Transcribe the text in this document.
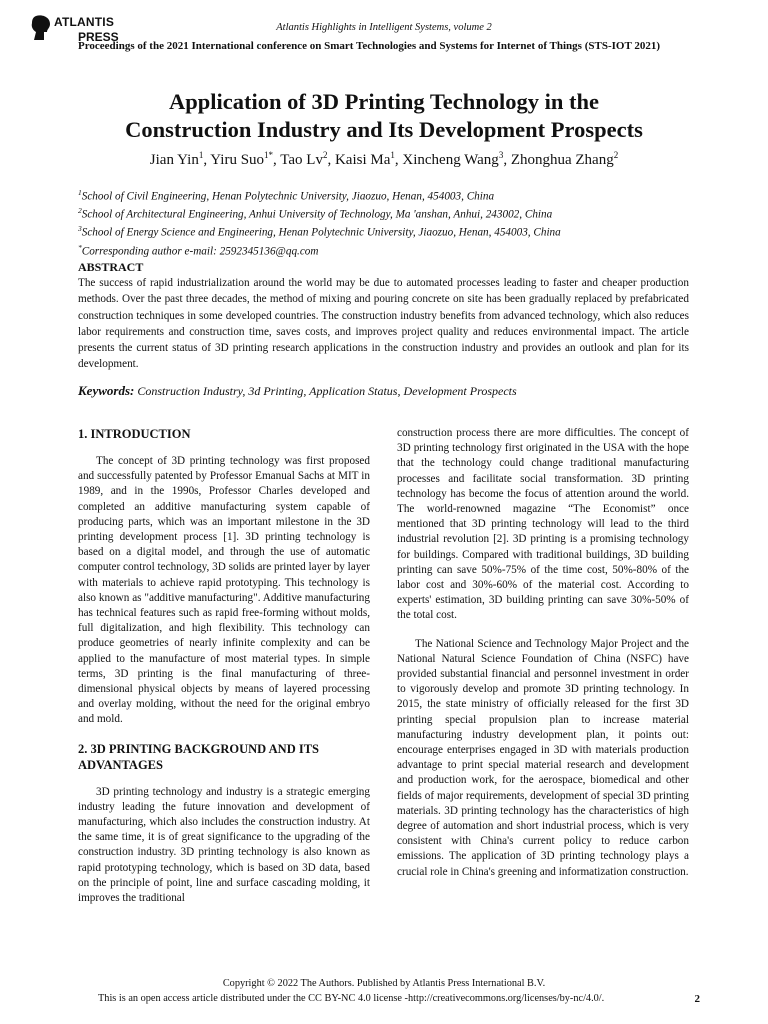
ATLANTIS
PRESS
Atlantis Highlights in Intelligent Systems, volume 2
Proceedings of the 2021 International conference on Smart Technologies and Systems for Internet of Things (STS-IOT 2021)
Application of 3D Printing Technology in the
Construction Industry and Its Development Prospects
Jian Yin$^1$, Yiru Suo$^{1*}$, Tao Lv$^2$, Kaisi Ma$^1$, Xincheng Wang$^3$, Zhonghua Zhang$^2$
$^1$School of Civil Engineering, Henan Polytechnic University, Jiaozuo, Henan, 454003, China
$^2$School of Architectural Engineering, Anhui University of Technology, Ma 'anshan, Anhui, 243002, China
$^3$School of Energy Science and Engineering, Henan Polytechnic University, Jiaozuo, Henan, 454003, China
*Corresponding author e-mail: 2592345136@qq.com
ABSTRACT

The success of rapid industrialization around the world may be due to automated processes leading to faster and cheaper production methods. Over the past three decades, the method of mixing and pouring concrete on site has been gradually replaced by prefabricated construction techniques in some developed countries. The construction industry benefits from advanced technology, which also reduces labor requirements and construction time, saves costs, and improves project quality and reduces environmental impact. The article presents the current status of 3D printing research applications in the construction industry and provides an outlook and plan for its development.

Keywords: Construction Industry, 3d Printing, Application Status, Development Prospects
1. INTRODUCTION

The concept of 3D printing technology was first proposed and successfully patented by Professor Emanual Sachs at MIT in 1989, and in the 1990s, Professor Charles developed and completed an additive manufacturing system capable of producing parts, which was an important milestone in the 3D printing development process [1]. 3D printing technology is based on a digital model, and through the use of automatic computer control technology, 3D solids are printed layer by layer with materials to achieve rapid prototyping. This technology is also known as "additive manufacturing". Additive manufacturing has technical features such as rapid free-forming without molds, full digitalization, and high flexibility. This technology can produce geometries of nearly infinite complexity and can be applied to the manufacture of most material types. In simple terms, 3D printing is the final manufacturing of three-dimensional physical objects by means of layered processing and overlay molding, without the need for the original embryo and mold.

2. 3D PRINTING BACKGROUND AND ITS ADVANTAGES

3D printing technology and industry is a strategic emerging industry leading the future innovation and development of manufacturing, which also includes the construction industry. At the same time, it is of great significance to the upgrading of the construction industry. 3D printing technology is also known as rapid prototyping technology, which is based on 3D data, based on the principle of point, line and surface cascading molding, it improves the traditional

construction process there are more difficulties. The concept of 3D printing technology first originated in the USA with the hope that the technology could change traditional manufacturing processes and facilitate social transformation. 3D printing technology has become the focus of attention around the world. The world-renowned magazine “The Economist” once mentioned that 3D printing technology will lead to the third industrial revolution [2]. 3D printing is a promising technology for buildings. Compared with traditional buildings, 3D building printing can save 50%-75% of the time cost, 50%-80% of the labor cost and 30%-60% of the material cost. According to experts' estimation, 3D building printing can save 30%-50% of the total cost.

The National Science and Technology Major Project and the National Natural Science Foundation of China (NSFC) have provided substantial financial and personnel investment in order to vigorously develop and promote 3D printing technology. In 2015, the state ministry of officially released for the first 3D printing special propulsion plan to increase material manufacturing industry development plan, it points out: encourage enterprises engaged in 3D with materials production advantage to print special material research and development and production work, for the aerospace, biomedical and other fields of major requirements, development of special 3D printing materials. 3D printing technology has the characteristics of high degree of automation and short industrial process, which is very consistent with China's current policy to reduce carbon emissions. The application of 3D printing technology plays a crucial role in China's greening and informatization construction.

Copyright © 2022 The Authors. Published by Atlantis Press International B.V.
This is an open access article distributed under the CC BY-NC 4.0 license -http://creativecommons.org/licenses/by-nc/4.0/.	2
